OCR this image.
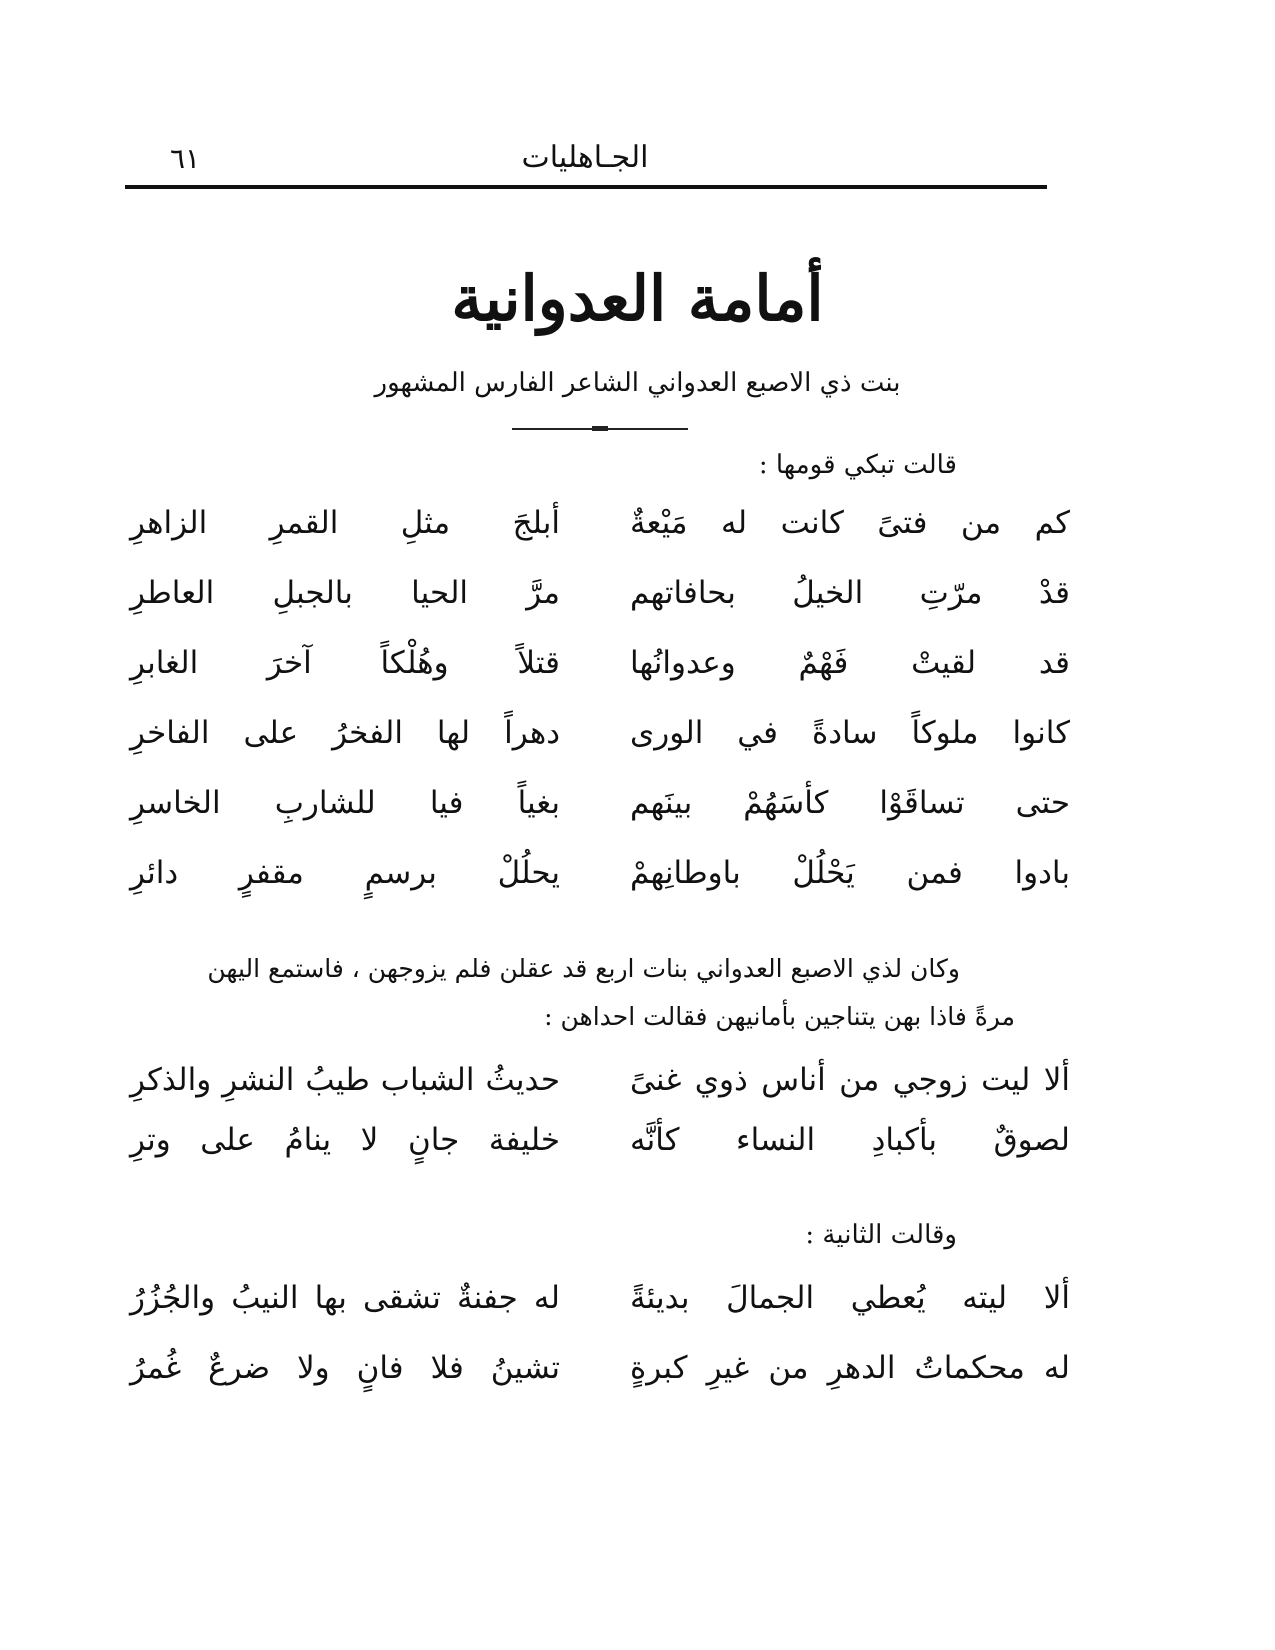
الجـاهليات
٦١
أمامة العدوانية
بنت ذي الاصبع العدواني الشاعر الفارس المشهور
قالت تبكي قومها :
كم من فتىً كانت له مَيْعةٌ
أبلجَ مثلِ القمرِ الزاهرِ
قدْ مرّتِ الخيلُ بحافاتهم
مرَّ الحيا بالجبلِ العاطرِ
قد لقيتْ فَهْمٌ وعدوانُها
قتلاً وهُلْكاً آخرَ الغابرِ
كانوا ملوكاً سادةً في الورى
دهراً لها الفخرُ على الفاخرِ
حتى تساقَوْا كأسَهُمْ بينَهم
بغياً فيا للشاربِ الخاسرِ
بادوا فمن يَحْلُلْ باوطانِهمْ
يحلُلْ برسمٍ مقفرٍ دائرِ
وكان لذي الاصبع العدواني بنات اربع قد عقلن فلم يزوجهن ، فاستمع اليهن
مرةً فاذا بهن يتناجين بأمانيهن فقالت احداهن :
ألا ليت زوجي من أناس ذوي غنىً
حديثُ الشباب طيبُ النشرِ والذكرِ
لصوقٌ بأكبادِ النساء كأنَّه
خليفة جانٍ لا ينامُ على وترِ
وقالت الثانية :
ألا ليته يُعطي الجمالَ بديئةً
له جفنةٌ تشقى بها النيبُ والجُزُرُ
له محكماتُ الدهرِ من غيرِ كبرةٍ
تشينُ فلا فانٍ ولا ضرعٌ غُمرُ
